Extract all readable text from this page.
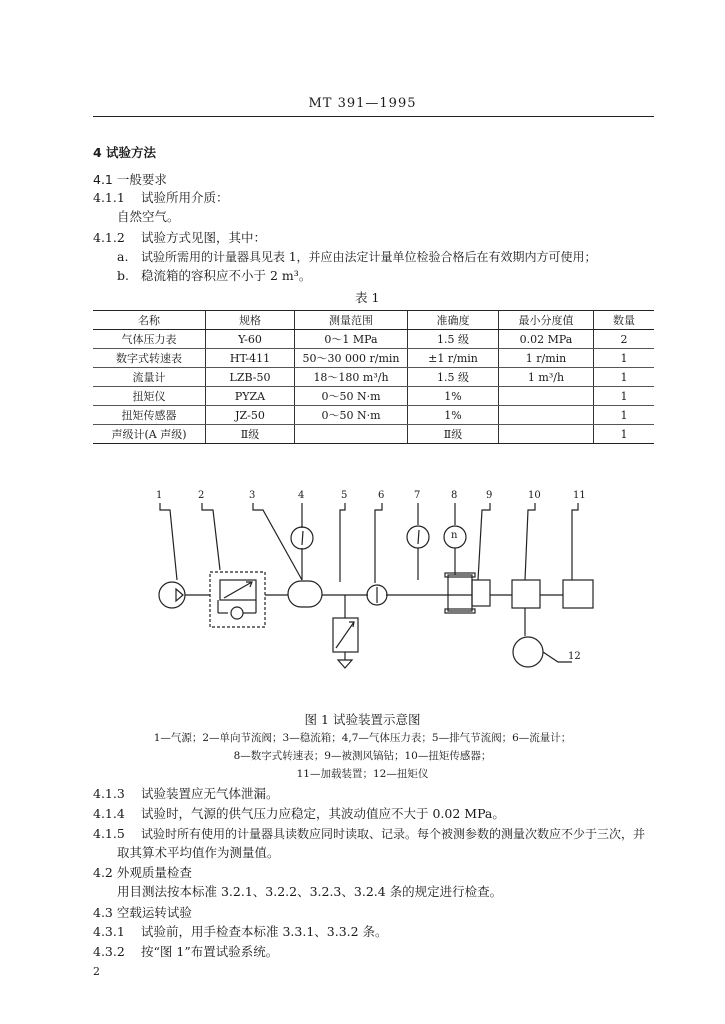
MT 391—1995
4 试验方法
4.1 一般要求
4.1.1 试验所用介质：
自然空气。
4.1.2 试验方式见图，其中：
a. 试验所需用的计量器具见表 1，并应由法定计量单位检验合格后在有效期内方可使用；
b. 稳流箱的容积应不小于 2 m³。
表 1
名称	规格	测量范围	准确度	最小分度值	数量
气体压力表	Y-60	0～1 MPa	1.5 级	0.02 MPa	2
数字式转速表	HT-411	50～30 000 r/min	±1 r/min	1 r/min	1
流量计	LZB-50	18～180 m³/h	1.5 级	1 m³/h	1
扭矩仪	PYZA	0～50 N·m	1%		1
扭矩传感器	JZ-50	0～50 N·m	1%		1
声级计(A 声级)	Ⅱ级		Ⅱ级		1
1	2	3	4	5	6	7	8	9	10	11
12
n
图 1 试验装置示意图
1—气源；2—单向节流阀；3—稳流箱；4,7—气体压力表；5—排气节流阀；6—流量计；
8—数字式转速表；9—被测风镐钻；10—扭矩传感器；
11—加载装置；12—扭矩仪
4.1.3 试验装置应无气体泄漏。
4.1.4 试验时，气源的供气压力应稳定，其波动值应不大于 0.02 MPa。
4.1.5 试验时所有使用的计量器具读数应同时读取、记录。每个被测参数的测量次数应不少于三次，并
取其算术平均值作为测量值。
4.2 外观质量检查
用目测法按本标准 3.2.1、3.2.2、3.2.3、3.2.4 条的规定进行检查。
4.3 空载运转试验
4.3.1 试验前，用手检查本标准 3.3.1、3.3.2 条。
4.3.2 按“图 1”布置试验系统。
2
